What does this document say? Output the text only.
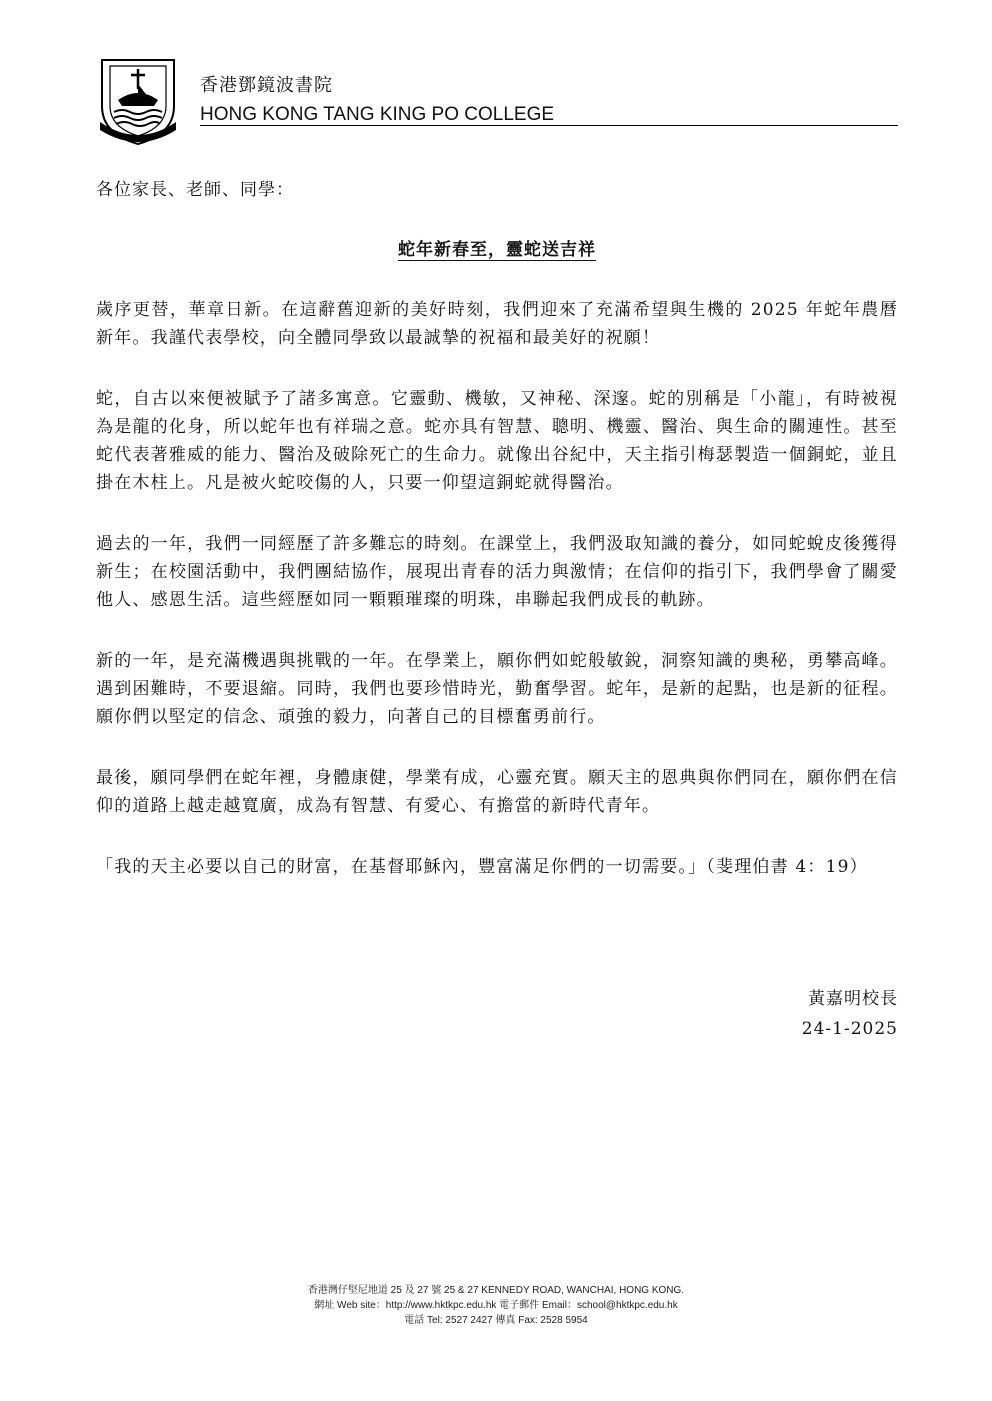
香港鄧鏡波書院

HONG KONG TANG KING PO COLLEGE

各位家長、老師、同學：

蛇年新春至，靈蛇送吉祥

歲序更替，華章日新。在這辭舊迎新的美好時刻，我們迎來了充滿希望與生機的 2025 年蛇年農曆新年。我謹代表學校，向全體同學致以最誠摯的祝福和最美好的祝願！

蛇，自古以來便被賦予了諸多寓意。它靈動、機敏，又神秘、深邃。蛇的別稱是「小龍」，有時被視為是龍的化身，所以蛇年也有祥瑞之意。蛇亦具有智慧、聰明、機靈、醫治、與生命的關連性。甚至蛇代表著雅威的能力、醫治及破除死亡的生命力。就像出谷紀中，天主指引梅瑟製造一個銅蛇，並且掛在木柱上。凡是被火蛇咬傷的人，只要一仰望這銅蛇就得醫治。

過去的一年，我們一同經歷了許多難忘的時刻。在課堂上，我們汲取知識的養分，如同蛇蛻皮後獲得新生；在校園活動中，我們團結協作，展現出青春的活力與激情；在信仰的指引下，我們學會了關愛他人、感恩生活。這些經歷如同一顆顆璀璨的明珠，串聯起我們成長的軌跡。

新的一年，是充滿機遇與挑戰的一年。在學業上，願你們如蛇般敏銳，洞察知識的奧秘，勇攀高峰。遇到困難時，不要退縮。同時，我們也要珍惜時光，勤奮學習。蛇年，是新的起點，也是新的征程。願你們以堅定的信念、頑強的毅力，向著自己的目標奮勇前行。

最後，願同學們在蛇年裡，身體康健，學業有成，心靈充實。願天主的恩典與你們同在，願你們在信仰的道路上越走越寬廣，成為有智慧、有愛心、有擔當的新時代青年。

「我的天主必要以自己的財富，在基督耶穌內，豐富滿足你們的一切需要。」（斐理伯書 4：19）

黃嘉明校長
24-1-2025
香港灣仔堅尼地道 25 及 27 號 25 & 27 KENNEDY ROAD, WANCHAI, HONG KONG.
網址 Web site：http://www.hktkpc.edu.hk 電子郵件 Email：school@hktkpc.edu.hk
電話 Tel: 2527 2427 傳真 Fax: 2528 5954
